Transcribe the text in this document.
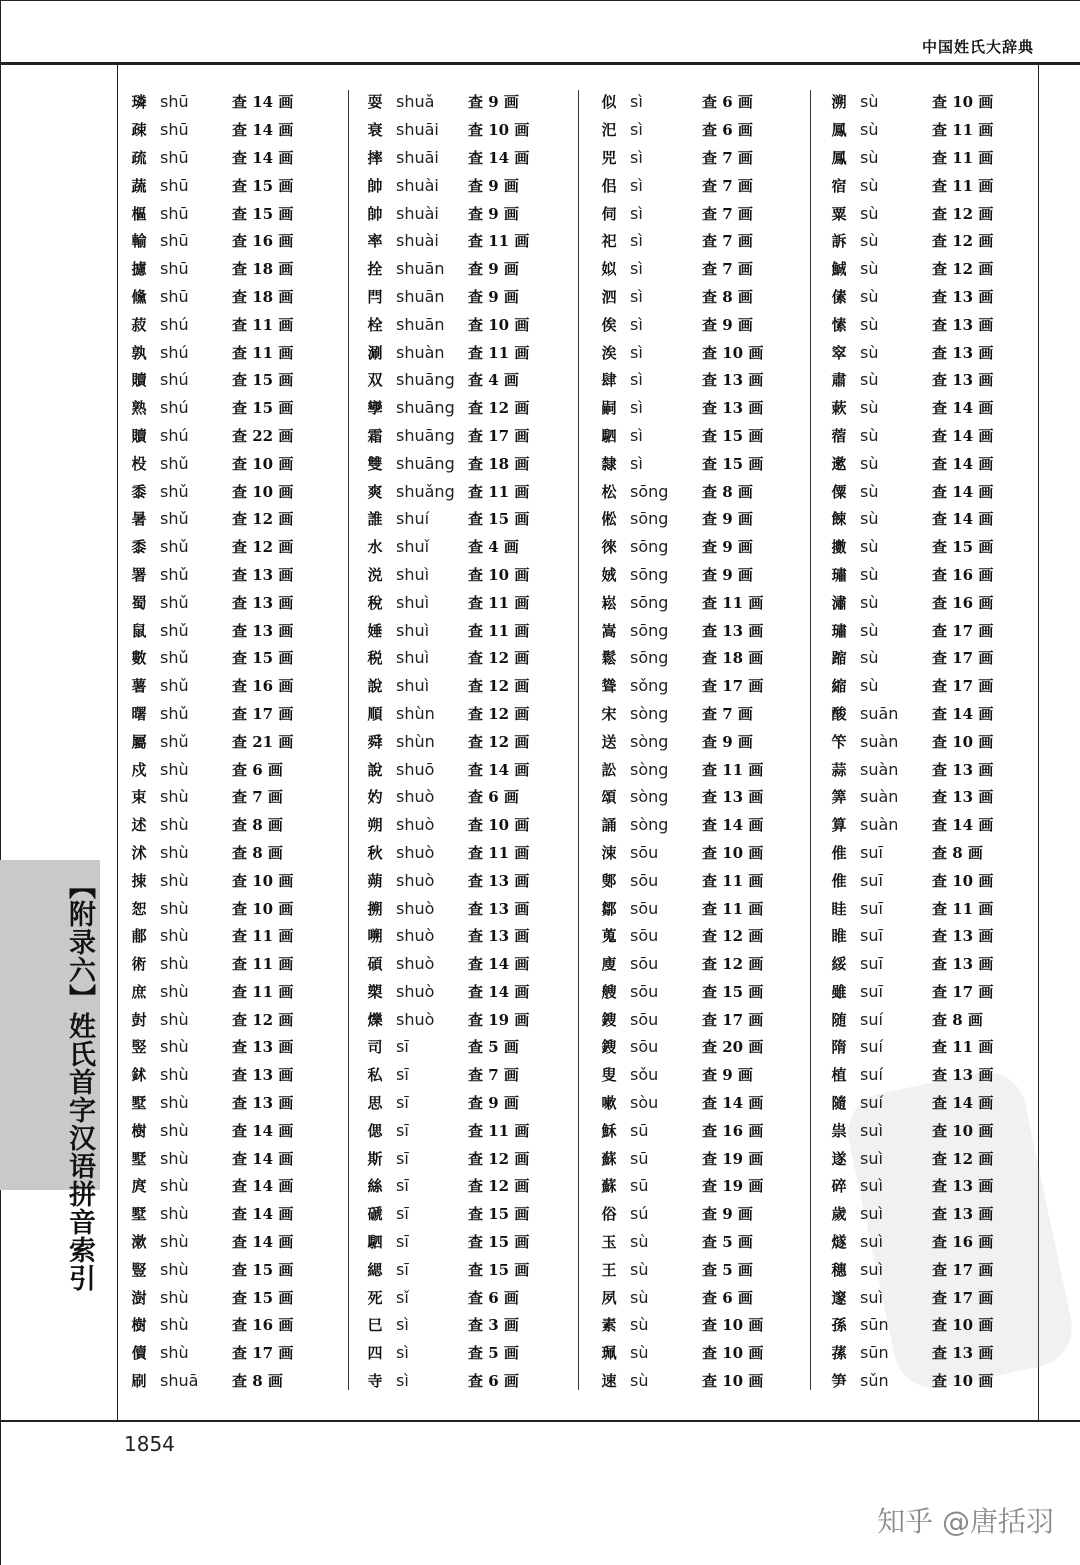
中国姓氏大辞典
【附录六】姓氏首字汉语拼音索引
璘 shū	查 14 画
疎 shū	查 14 画
疏 shū	查 14 画
蔬 shū	查 15 画
樞 shū	查 15 画
輸 shū	查 16 画
攄 shū	查 18 画
儵 shū	查 18 画
菽 shú	查 11 画
孰 shú	查 11 画
贖 shú	查 15 画
熟 shú	查 15 画
贖 shú	查 22 画
杸 shǔ	查 10 画
黍 shǔ	查 10 画
暑 shǔ	查 12 画
黍 shǔ	查 12 画
署 shǔ	查 13 画
蜀 shǔ	查 13 画
鼠 shǔ	查 13 画
數 shǔ	查 15 画
薯 shǔ	查 16 画
曙 shǔ	查 17 画
屬 shǔ	查 21 画
戍 shù	查 6 画
束 shù	查 7 画
述 shù	查 8 画
沭 shù	查 8 画
捒 shù	查 10 画
恕 shù	查 10 画
郙 shù	查 11 画
術 shù	查 11 画
庶 shù	查 11 画
尌 shù	查 12 画
竪 shù	查 13 画
鉥 shù	查 13 画
墅 shù	查 13 画
樹 shù	查 14 画
墅 shù	查 14 画
庹 shù	查 14 画
墅 shù	查 14 画
漱 shù	查 14 画
豎 shù	查 15 画
澍 shù	查 15 画
樹 shù	查 16 画
儥 shù	查 17 画
刷 shuā	查 8 画
耍 shuǎ	查 9 画
衰 shuāi	查 10 画
摔 shuāi	查 14 画
帥 shuài	查 9 画
帥 shuài	查 9 画
率 shuài	查 11 画
拴 shuān	查 9 画
閂 shuān	查 9 画
栓 shuān	查 10 画
涮 shuàn	查 11 画
双 shuāng 查 4 画
孿 shuāng 查 12 画
霜 shuāng 查 17 画
雙 shuāng 查 18 画
爽 shuǎng 查 11 画
誰 shuí	查 15 画
水 shuǐ	查 4 画
涚 shuì	查 10 画
稅 shuì	查 11 画
娷 shuì	查 11 画
税 shuì	查 12 画
說 shuì	查 12 画
順 shùn	查 12 画
舜 shùn	查 12 画
說 shuō	查 14 画
妁 shuò	查 6 画
朔 shuò	查 10 画
秋 shuò	查 11 画
蒴 shuò	查 13 画
搠 shuò	查 13 画
嗍 shuò	查 13 画
碩 shuò	查 14 画
槊 shuò	查 14 画
爍 shuò	查 19 画
司 sī	查 5 画
私 sī	查 7 画
思 sī	查 9 画
偲 sī	查 11 画
斯 sī	查 12 画
絲 sī	查 12 画
磃 sī	查 15 画
駟 sī	查 15 画
緦 sī	查 15 画
死 sǐ	查 6 画
巳 sì	查 3 画
四 sì	查 5 画
寺 sì	查 6 画
似 sì	查 6 画
汜 sì	查 6 画
兕 sì	查 7 画
佀 sì	查 7 画
伺 sì	查 7 画
祀 sì	查 7 画
姒 sì	查 7 画
泗 sì	查 8 画
俟 sì	查 9 画
涘 sì	查 10 画
肆 sì	查 13 画
嗣 sì	查 13 画
駟 sì	查 15 画
隸 sì	查 15 画
松 sōng	查 8 画
倯 sōng	查 9 画
徠 sōng	查 9 画
娀 sōng	查 9 画
崧 sōng	查 11 画
嵩 sōng	查 13 画
鬆 sōng	查 18 画
聳 sǒng	查 17 画
宋 sòng	查 7 画
送 sòng	查 9 画
訟 sòng	查 11 画
頌 sòng	查 13 画
誦 sòng	查 14 画
涑 sōu	查 10 画
鄋 sōu	查 11 画
鄒 sōu	查 11 画
蒐 sōu	查 12 画
廋 sōu	查 12 画
艘 sōu	查 15 画
鎪 sōu	查 17 画
鎪 sōu	查 20 画
叟 sǒu	查 9 画
嗽 sòu	查 14 画
穌 sū	查 16 画
蘇 sū	查 19 画
蘇 sū	查 19 画
俗 sú	查 9 画
玉 sù	查 5 画
王 sù	查 5 画
夙 sù	查 6 画
素 sù	查 10 画
珮 sù	查 10 画
速 sù	查 10 画
溯 sù	查 10 画
鳳 sù	查 11 画
鳳 sù	查 11 画
宿 sù	查 11 画
粟 sù	查 12 画
訴 sù	查 12 画
鯎 sù	查 12 画
傃 sù	查 13 画
愫 sù	查 13 画
窣 sù	查 13 画
肅 sù	查 13 画
蔌 sù	查 14 画
蓿 sù	查 14 画
遬 sù	查 14 画
僳 sù	查 14 画
餗 sù	查 14 画
擻 sù	查 15 画
璛 sù	查 16 画
潚 sù	查 16 画
璛 sù	查 17 画
蹜 sù	查 17 画
縮 sù	查 17 画
酸 suān	查 14 画
笇 suàn	查 10 画
蒜 suàn	查 13 画
筭 suàn	查 13 画
算 suàn	查 14 画
倠 suī	查 8 画
倠 suī	查 10 画
眭 suī	查 11 画
睢 suī	查 13 画
綏 suī	查 13 画
雖 suī	查 17 画
随 suí	查 8 画
隋 suí	查 11 画
植 suí	查 13 画
隨 suí	查 14 画
祟 suì	查 10 画
遂 suì	查 12 画
碎 suì	查 13 画
歲 suì	查 13 画
燧 suì	查 16 画
穗 suì	查 17 画
邃 suì	查 17 画
孫 sūn	查 10 画
蓀 sūn	查 13 画
笋 sǔn	查 10 画
1854
知乎 @唐括羽
